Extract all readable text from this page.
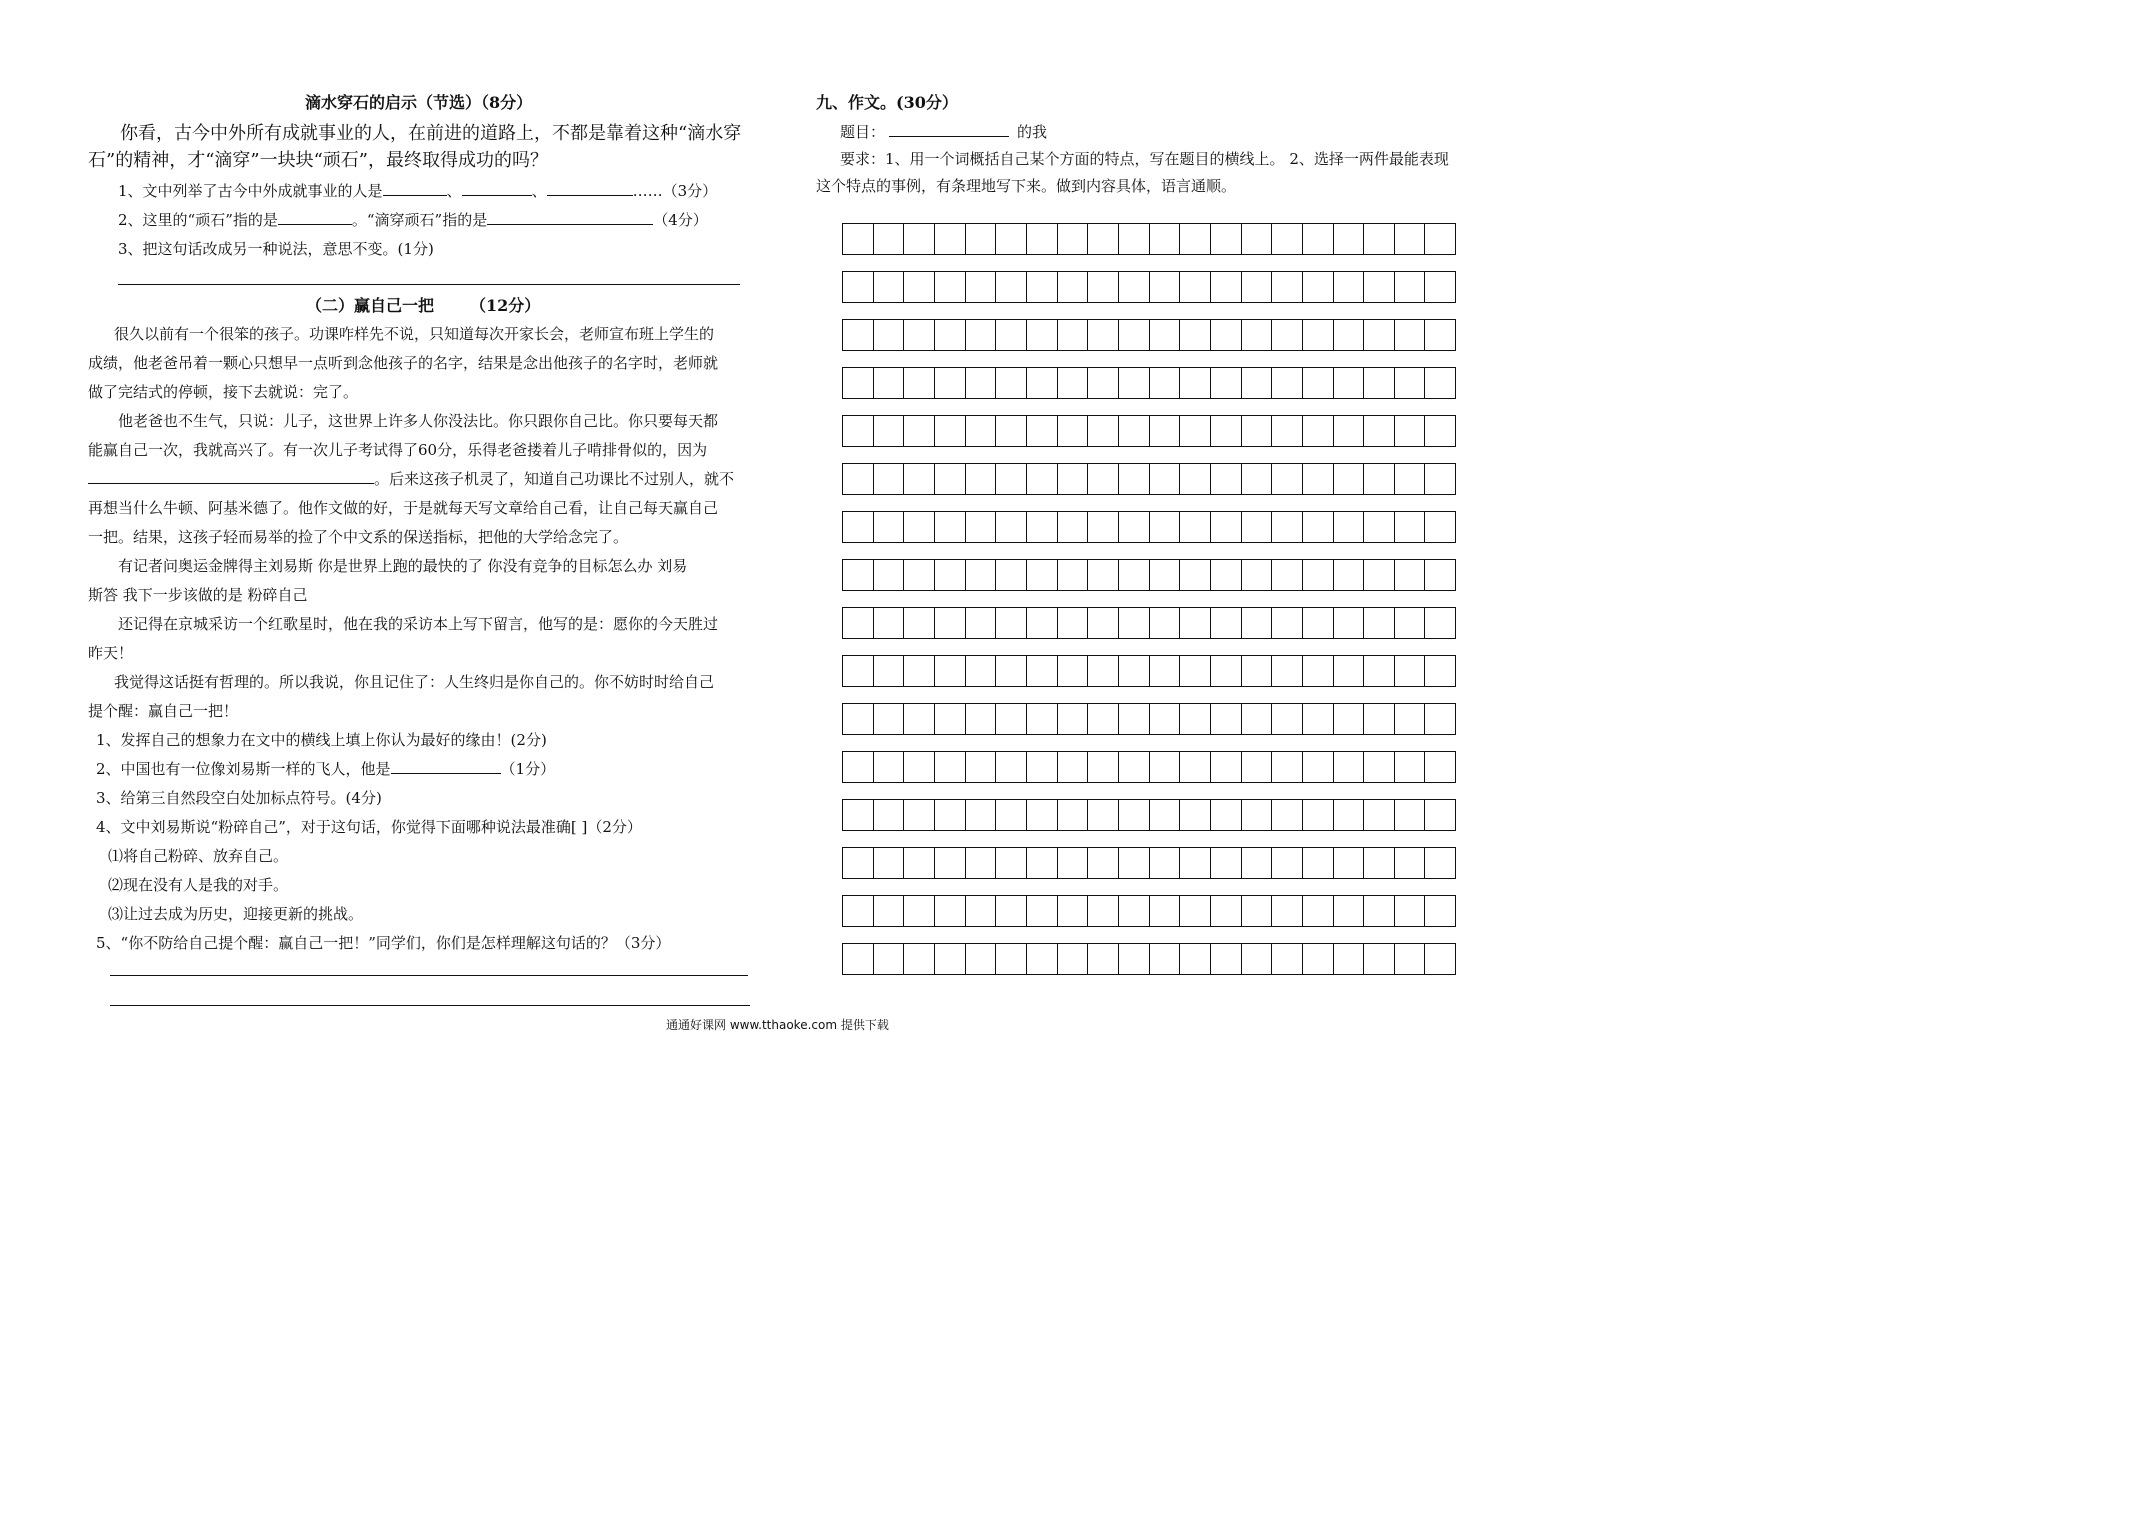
滴水穿石的启示（节选）（8分）
你看，古今中外所有成就事业的人，在前进的道路上，不都是靠着这种“滴水穿
石”的精神，才“滴穿”一块块“顽石”，最终取得成功的吗？
1、文中列举了古今中外成就事业的人是	、	、	……（3分）
2、这里的“顽石”指的是	。“滴穿顽石”指的是	（4分）
3、把这句话改成另一种说法，意思不变。(1分)
（二）赢自己一把 （12分）
很久以前有一个很笨的孩子。功课咋样先不说，只知道每次开家长会，老师宣布班上学生的
成绩，他老爸吊着一颗心只想早一点听到念他孩子的名字，结果是念出他孩子的名字时，老师就
做了完结式的停顿，接下去就说：完了。
他老爸也不生气，只说：儿子，这世界上许多人你没法比。你只跟你自己比。你只要每天都
能赢自己一次，我就高兴了。有一次儿子考试得了60分，乐得老爸搂着儿子啃排骨似的，因为
。后来这孩子机灵了，知道自己功课比不过别人，就不
再想当什么牛顿、阿基米德了。他作文做的好，于是就每天写文章给自己看，让自己每天赢自己
一把。结果，这孩子轻而易举的捡了个中文系的保送指标，把他的大学给念完了。
有记者问奥运金牌得主刘易斯 你是世界上跑的最快的了 你没有竞争的目标怎么办 刘易
斯答 我下一步该做的是 粉碎自己
还记得在京城采访一个红歌星时，他在我的采访本上写下留言，他写的是：愿你的今天胜过
昨天！
我觉得这话挺有哲理的。所以我说，你且记住了：人生终归是你自己的。你不妨时时给自己
提个醒：赢自己一把！
1、发挥自己的想象力在文中的横线上填上你认为最好的缘由！(2分)
2、中国也有一位像刘易斯一样的飞人，他是	（1分）
3、给第三自然段空白处加标点符号。(4分)
4、文中刘易斯说“粉碎自己”，对于这句话，你觉得下面哪种说法最准确[ ]（2分）
⑴将自己粉碎、放弃自己。
⑵现在没有人是我的对手。
⑶让过去成为历史，迎接更新的挑战。
5、“你不防给自己提个醒：赢自己一把！”同学们，你们是怎样理解这句话的？（3分）
九、作文。(30分）
题目：	的我
要求：1、用一个词概括自己某个方面的特点，写在题目的横线上。 2、选择一两件最能表现
这个特点的事例，有条理地写下来。做到内容具体，语言通顺。
通通好课网 www.tthaoke.com 提供下载
